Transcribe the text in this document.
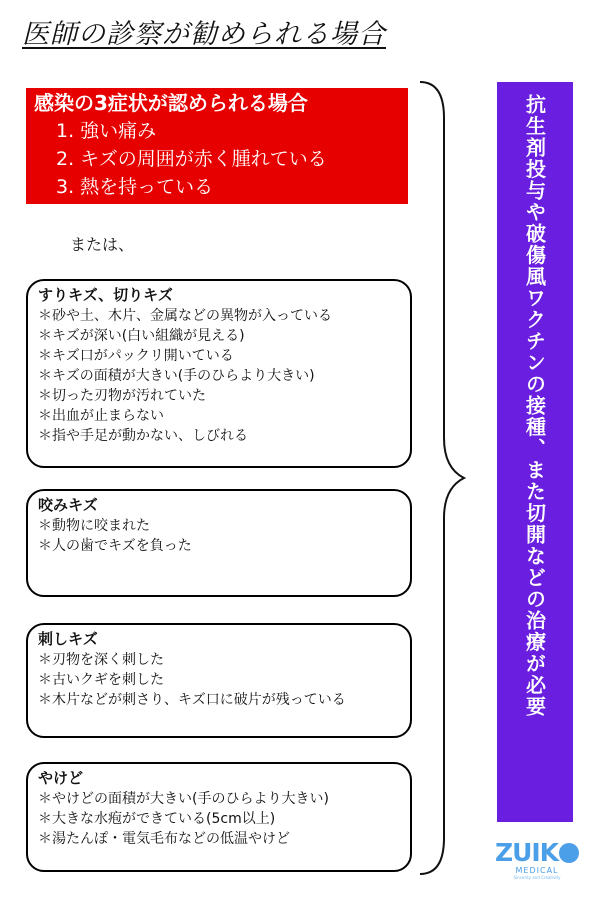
医師の診察が勧められる場合
感染の3症状が認められる場合
1. 強い痛み
2. キズの周囲が赤く腫れている
3. 熱を持っている
または、
すりキズ、切りキズ
＊砂や土、木片、金属などの異物が入っている
＊キズが深い(白い組織が見える)
＊キズ口がパックリ開いている
＊キズの面積が大きい(手のひらより大きい)
＊切った刃物が汚れていた
＊出血が止まらない
＊指や手足が動かない、しびれる
咬みキズ
＊動物に咬まれた
＊人の歯でキズを負った
刺しキズ
＊刃物を深く刺した
＊古いクギを刺した
＊木片などが刺さり、キズ口に破片が残っている
やけど
＊やけどの面積が大きい(手のひらより大きい)
＊大きな水疱ができている(5cm以上)
＊湯たんぽ・電気毛布などの低温やけど
抗生剤投与や破傷風ワクチンの接種、また切開などの治療が必要
ZUIK
MEDICAL
Sincerity and Creativity
